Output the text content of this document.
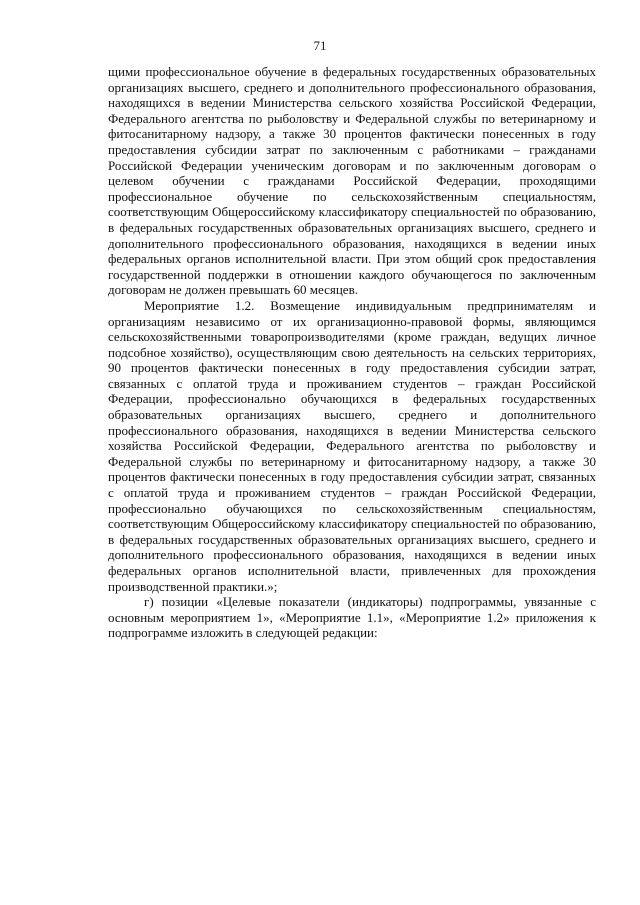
71

щими профессиональное обучение в федеральных государственных образовательных организациях высшего, среднего и дополнительного профессионального образования, находящихся в ведении Министерства сельского хозяйства Российской Федерации, Федерального агентства по рыболовству и Федеральной службы по ветеринарному и фитосанитарному надзору, а также 30 процентов фактически понесенных в году предоставления субсидии затрат по заключенным с работниками – гражданами Российской Федерации ученическим договорам и по заключенным договорам о целевом обучении с гражданами Российской Федерации, проходящими профессиональное обучение по сельскохозяйственным специальностям, соответствующим Общероссийскому классификатору специальностей по образованию, в федеральных государственных образовательных организациях высшего, среднего и дополнительного профессионального образования, находящихся в ведении иных федеральных органов исполнительной власти. При этом общий срок предоставления государственной поддержки в отношении каждого обучающегося по заключенным договорам не должен превышать 60 месяцев.

Мероприятие 1.2. Возмещение индивидуальным предпринимателям и организациям независимо от их организационно-правовой формы, являющимся сельскохозяйственными товаропроизводителями (кроме граждан, ведущих личное подсобное хозяйство), осуществляющим свою деятельность на сельских территориях, 90 процентов фактически понесенных в году предоставления субсидии затрат, связанных с оплатой труда и проживанием студентов – граждан Российской Федерации, профессионально обучающихся в федеральных государственных образовательных организациях высшего, среднего и дополнительного профессионального образования, находящихся в ведении Министерства сельского хозяйства Российской Федерации, Федерального агентства по рыболовству и Федеральной службы по ветеринарному и фитосанитарному надзору, а также 30 процентов фактически понесенных в году предоставления субсидии затрат, связанных с оплатой труда и проживанием студентов – граждан Российской Федерации, профессионально обучающихся по сельскохозяйственным специальностям, соответствующим Общероссийскому классификатору специальностей по образованию, в федеральных государственных образовательных организациях высшего, среднего и дополнительного профессионального образования, находящихся в ведении иных федеральных органов исполнительной власти, привлеченных для прохождения производственной практики.»;

г) позиции «Целевые показатели (индикаторы) подпрограммы, увязанные с основным мероприятием 1», «Мероприятие 1.1», «Мероприятие 1.2» приложения к подпрограмме изложить в следующей редакции:
